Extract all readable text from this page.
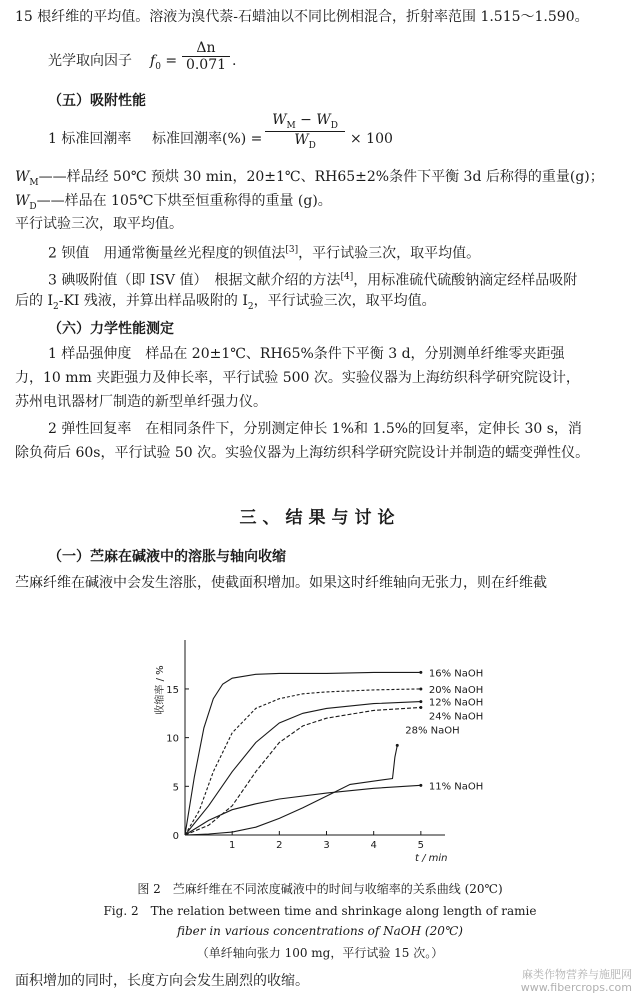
15 根纤维的平均值。溶液为溴代萘-石蜡油以不同比例相混合，折射率范围 1.515～1.590。
光学取向因子 $f_0 = \frac{\Delta n}{0.071}$ .
（五）吸附性能
1 标准回潮率 标准回潮率(%) = $\frac{W_M - W_D}{W_D} \times 100$
$W_M——$样品经 50℃ 预烘 30 min，20±1℃、RH65±2%条件下平衡 3d 后称得的重量(g)；
$W_D——$样品在 105℃下烘至恒重称得的重量 (g)。
平行试验三次，取平均值。
2 钡值　用通常衡量丝光程度的钡值法[3]，平行试验三次，取平均值。
3 碘吸附值（即 ISV 值）　根据文献介绍的方法[4]，用标准硫代硫酸钠滴定经样品吸附
后的 $I_2-KI$ 残液，并算出样品吸附的 $I_2$，平行试验三次，取平均值。
（六）力学性能测定
1 样品强伸度　样品在 20±1℃、RH65%条件下平衡 3 d，分别测单纤维零夹距强
力，10 mm 夹距强力及伸长率，平行试验 500 次。实验仪器为上海纺织科学研究院设计，
苏州电讯器材厂制造的新型单纤强力仪。
2 弹性回复率　在相同条件下，分别测定伸长 1%和 1.5%的回复率，定伸长 30 s，消
除负荷后 60s，平行试验 50 次。实验仪器为上海纺织科学研究院设计并制造的蠕变弹性仪。
三、结果与讨论
（一）苎麻在碱液中的溶胀与轴向收缩
苎麻纤维在碱液中会发生溶胀，使截面积增加。如果这时纤维轴向无张力，则在纤维截
1	2	3	4	5
0
5
10
15
t / min
收缩率 / %	16% NaOH
20% NaOH
12% NaOH
24% NaOH
28% NaOH
11% NaOH
图 2　苎麻纤维在不同浓度碱液中的时间与收缩率的关系曲线 (20℃)
Fig. 2　The relation between time and shrinkage along length of ramie
fiber in various concentrations of NaOH (20℃)
（单纤轴向张力 100 mg，平行试验 15 次。）
面积增加的同时，长度方向会发生剧烈的收缩。	麻类作物营养与施肥网
www.fibercrops.com
